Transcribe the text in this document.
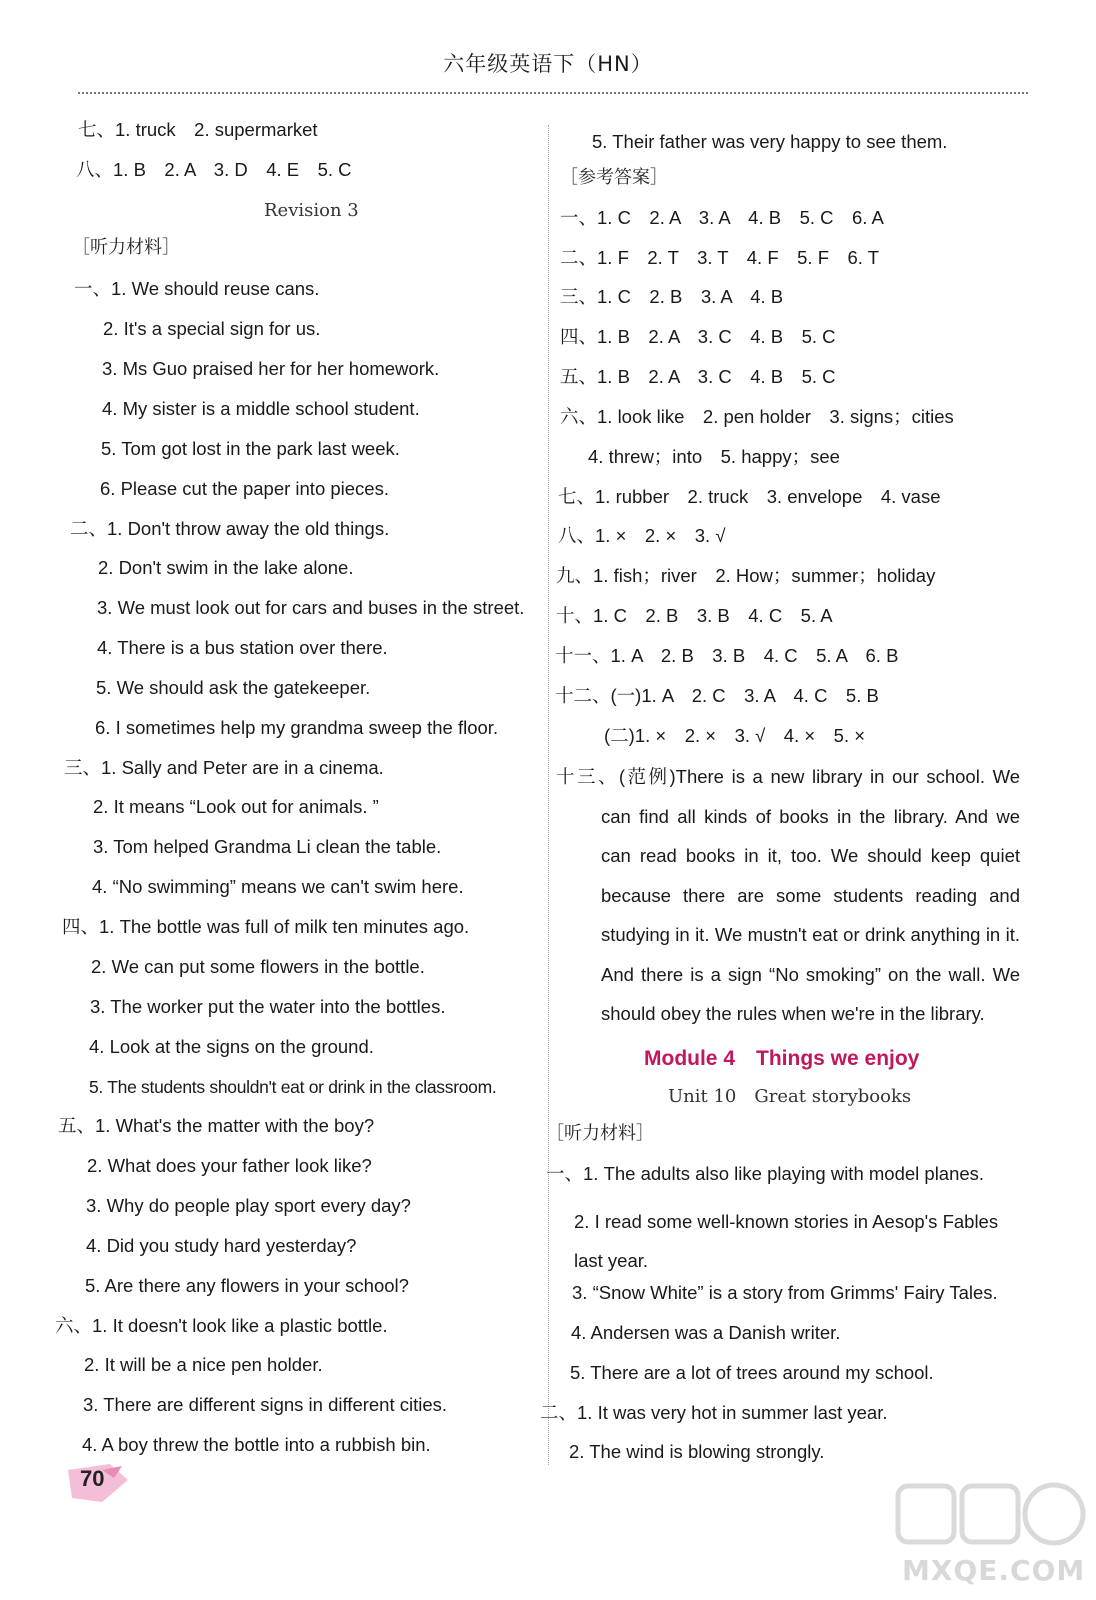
六年级英语下（HN）
七、1. truck　2. supermarket
八、1. B　2. A　3. D　4. E　5. C
Revision 3
［听力材料］
一、1. We should reuse cans.
2. It's a special sign for us.
3. Ms Guo praised her for her homework.
4. My sister is a middle school student.
5. Tom got lost in the park last week.
6. Please cut the paper into pieces.
二、1. Don't throw away the old things.
2. Don't swim in the lake alone.
3. We must look out for cars and buses in the street.
4. There is a bus station over there.
5. We should ask the gatekeeper.
6. I sometimes help my grandma sweep the floor.
三、1. Sally and Peter are in a cinema.
2. It means “Look out for animals. ”
3. Tom helped Grandma Li clean the table.
4. “No swimming” means we can't swim here.
四、1. The bottle was full of milk ten minutes ago.
2. We can put some flowers in the bottle.
3. The worker put the water into the bottles.
4. Look at the signs on the ground.
5. The students shouldn't eat or drink in the classroom.
五、1. What's the matter with the boy?
2. What does your father look like?
3. Why do people play sport every day?
4. Did you study hard yesterday?
5. Are there any flowers in your school?
六、1. It doesn't look like a plastic bottle.
2. It will be a nice pen holder.
3. There are different signs in different cities.
4. A boy threw the bottle into a rubbish bin.
5. Their father was very happy to see them.
［参考答案］
一、1. C　2. A　3. A　4. B　5. C　6. A
二、1. F　2. T　3. T　4. F　5. F　6. T
三、1. C　2. B　3. A　4. B
四、1. B　2. A　3. C　4. B　5. C
五、1. B　2. A　3. C　4. B　5. C
六、1. look like　2. pen holder　3. signs；cities
4. threw；into　5. happy；see
七、1. rubber　2. truck　3. envelope　4. vase
八、1. ×　2. ×　3. √
九、1. fish；river　2. How；summer；holiday
十、1. C　2. B　3. B　4. C　5. A
十一、1. A　2. B　3. B　4. C　5. A　6. B
十二、(一)1. A　2. C　3. A　4. C　5. B
(二)1. ×　2. ×　3. √　4. ×　5. ×
十三、(范例)There is a new library in our school. We can find all kinds of books in the library. And we can read books in it, too. We should keep quiet because there are some students reading and studying in it. We mustn't eat or drink anything in it. And there is a sign “No smoking” on the wall. We should obey the rules when we're in the library.
Module 4　Things we enjoy
Unit 10　Great storybooks
［听力材料］
一、1. The adults also like playing with model planes.
2. I read some well-known stories in Aesop's Fables last year.
3. “Snow White” is a story from Grimms' Fairy Tales.
4. Andersen was a Danish writer.
5. There are a lot of trees around my school.
二、1. It was very hot in summer last year.
2. The wind is blowing strongly.
70
MXQE.COM
